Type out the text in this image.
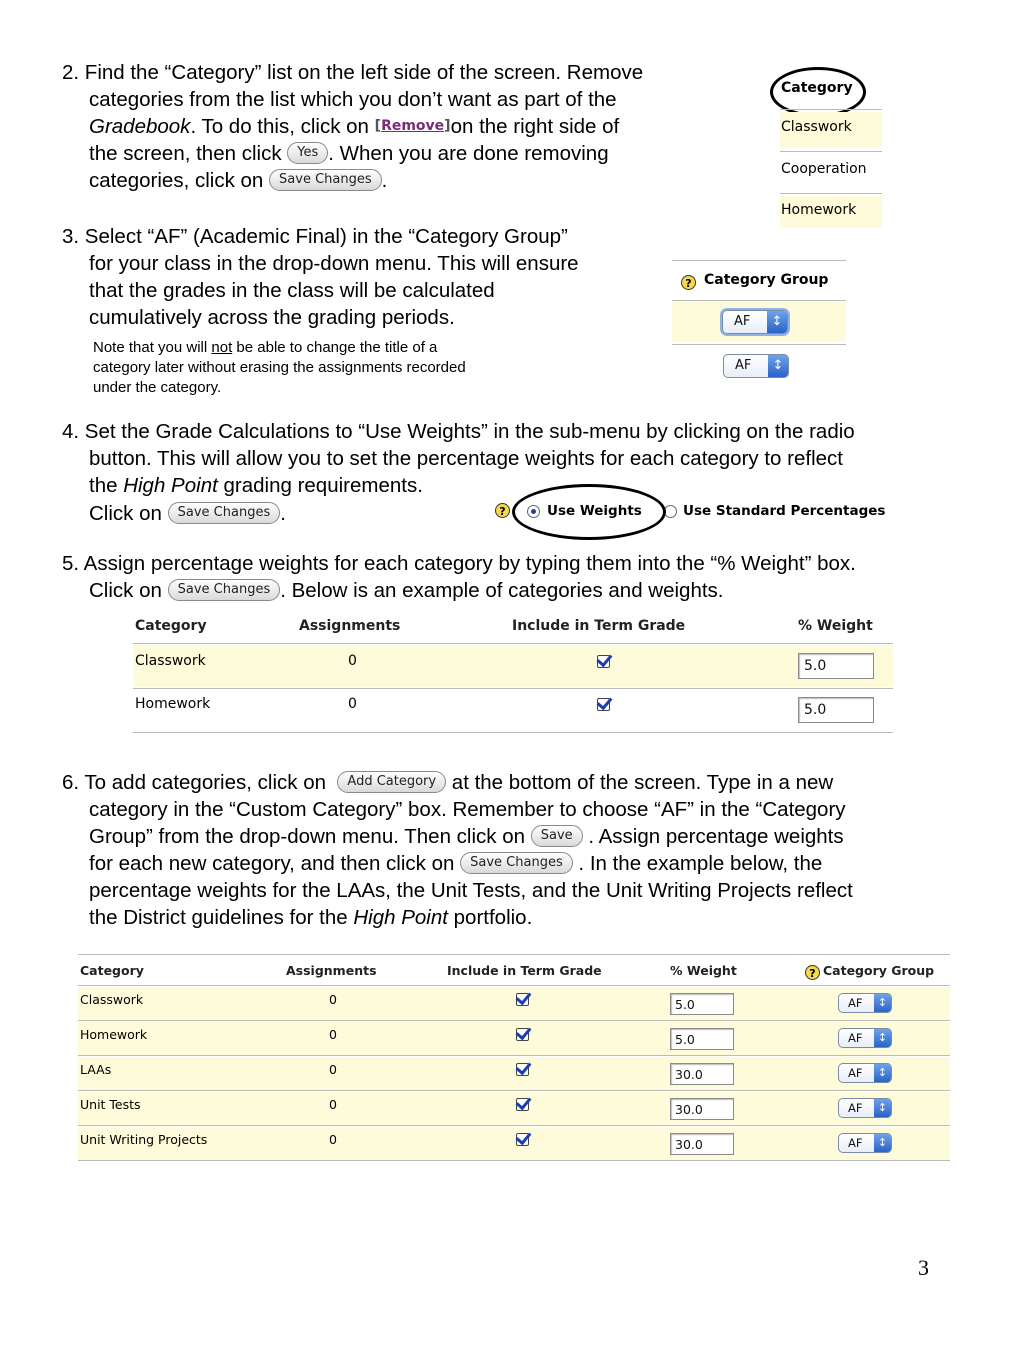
2. Find the “Category” list on the left side of the screen. Remove
categories from the list which you don’t want as part of the
Gradebook. To do this, click on [Remove]on the right side of
the screen, then click Yes . When you are done removing
categories, click on Save Changes .
Category
Classwork
Cooperation
Homework
3. Select “AF” (Academic Final) in the “Category Group”
for your class in the drop-down menu. This will ensure
that the grades in the class will be calculated
cumulatively across the grading periods.
Note that you will not be able to change the title of a
category later without erasing the assignments recorded
under the category.
? Category Group
AF	↕
AF	↕
4. Set the Grade Calculations to “Use Weights” in the sub-menu by clicking on the radio
button. This will allow you to set the percentage weights for each category to reflect
the High Point grading requirements.
Click on Save Changes .	?	Use Weights	Use Standard Percentages
5. Assign percentage weights for each category by typing them into the “% Weight” box.
Click on Save Changes . Below is an example of categories and weights.
Category	Assignments	Include in Term Grade	% Weight
Classwork	0	5.0
Homework	0	5.0
6. To add categories, click on Add Category at the bottom of the screen. Type in a new
category in the “Custom Category” box. Remember to choose “AF” in the “Category
Group” from the drop-down menu. Then click on Save . Assign percentage weights
for each new category, and then click on Save Changes . In the example below, the
percentage weights for the LAAs, the Unit Tests, and the Unit Writing Projects reflect
the District guidelines for the High Point portfolio.
Category	Assignments	Include in Term Grade	% Weight	? Category Group
Classwork	0	5.0	AF	↕
Homework	0	5.0	AF	↕
LAAs	0	30.0	AF	↕
Unit Tests	0	30.0	AF	↕
Unit Writing Projects	0	30.0	AF	↕
3
